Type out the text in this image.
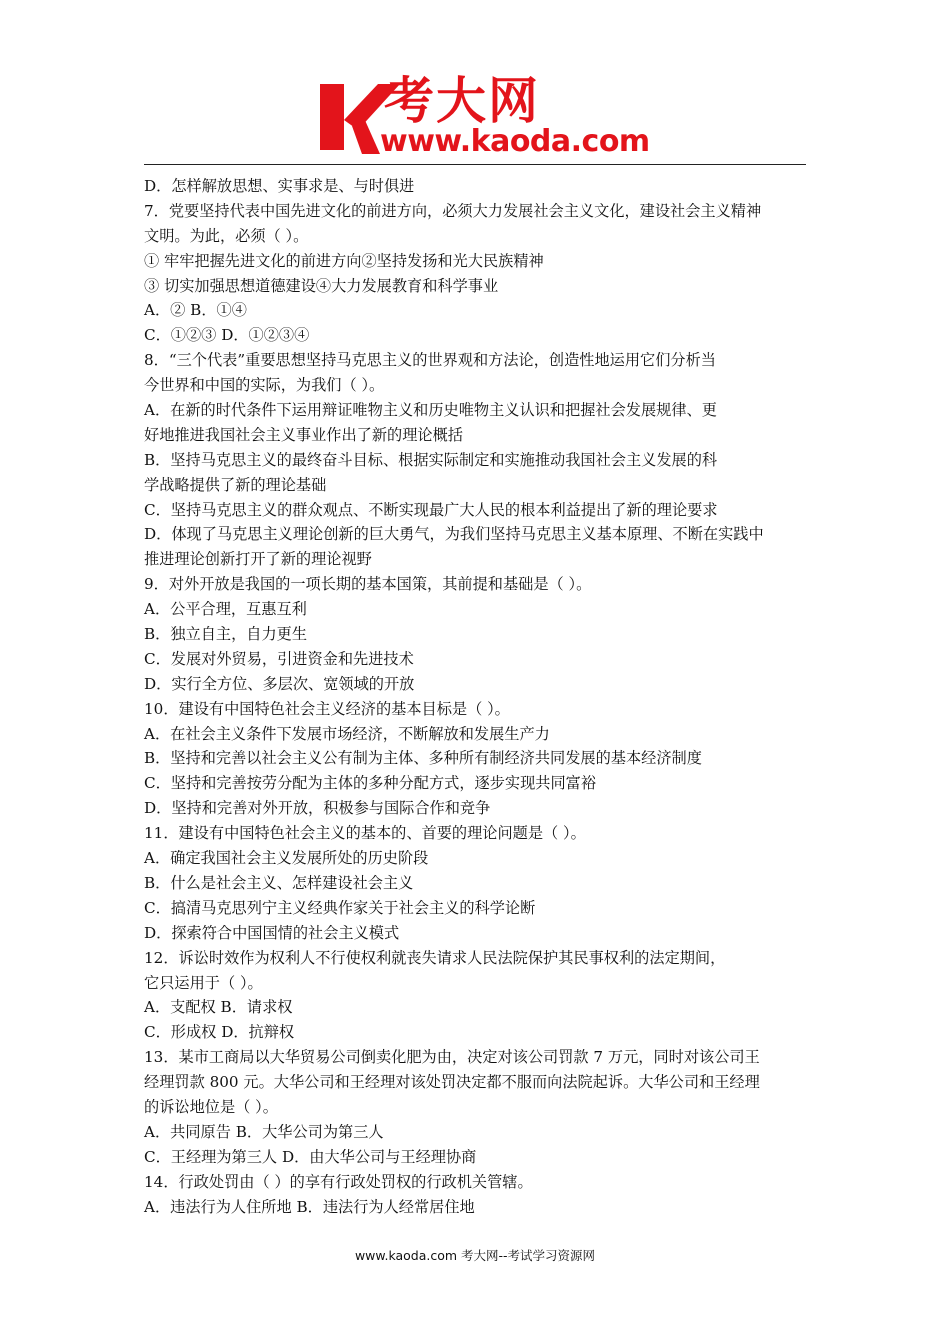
考大网
www.kaoda.com
D．怎样解放思想、实事求是、与时俱进
7．党要坚持代表中国先进文化的前进方向，必须大力发展社会主义文化，建设社会主义精神
文明。为此，必须（ ）。
① 牢牢把握先进文化的前进方向②坚持发扬和光大民族精神
③ 切实加强思想道德建设④大力发展教育和科学事业
A．② B．①④
C．①②③ D．①②③④
8．“三个代表”重要思想坚持马克思主义的世界观和方法论，创造性地运用它们分析当
今世界和中国的实际，为我们（ ）。
A．在新的时代条件下运用辩证唯物主义和历史唯物主义认识和把握社会发展规律、更
好地推进我国社会主义事业作出了新的理论概括
B．坚持马克思主义的最终奋斗目标、根据实际制定和实施推动我国社会主义发展的科
学战略提供了新的理论基础
C．坚持马克思主义的群众观点、不断实现最广大人民的根本利益提出了新的理论要求
D．体现了马克思主义理论创新的巨大勇气，为我们坚持马克思主义基本原理、不断在实践中
推进理论创新打开了新的理论视野
9．对外开放是我国的一项长期的基本国策，其前提和基础是（ ）。
A．公平合理，互惠互利
B．独立自主，自力更生
C．发展对外贸易，引进资金和先进技术
D．实行全方位、多层次、宽领域的开放
10．建设有中国特色社会主义经济的基本目标是（ ）。
A．在社会主义条件下发展市场经济，不断解放和发展生产力
B．坚持和完善以社会主义公有制为主体、多种所有制经济共同发展的基本经济制度
C．坚持和完善按劳分配为主体的多种分配方式，逐步实现共同富裕
D．坚持和完善对外开放，积极参与国际合作和竞争
11．建设有中国特色社会主义的基本的、首要的理论问题是（ ）。
A．确定我国社会主义发展所处的历史阶段
B．什么是社会主义、怎样建设社会主义
C．搞清马克思列宁主义经典作家关于社会主义的科学论断
D．探索符合中国国情的社会主义模式
12．诉讼时效作为权利人不行使权利就丧失请求人民法院保护其民事权利的法定期间，
它只运用于（ ）。
A．支配权 B．请求权
C．形成权 D．抗辩权
13．某市工商局以大华贸易公司倒卖化肥为由，决定对该公司罚款 7 万元，同时对该公司王
经理罚款 800 元。大华公司和王经理对该处罚决定都不服而向法院起诉。大华公司和王经理
的诉讼地位是（ ）。
A．共同原告 B．大华公司为第三人
C．王经理为第三人 D．由大华公司与王经理协商
14．行政处罚由（ ）的享有行政处罚权的行政机关管辖。
A．违法行为人住所地 B．违法行为人经常居住地
www.kaoda.com 考大网--考试学习资源网
